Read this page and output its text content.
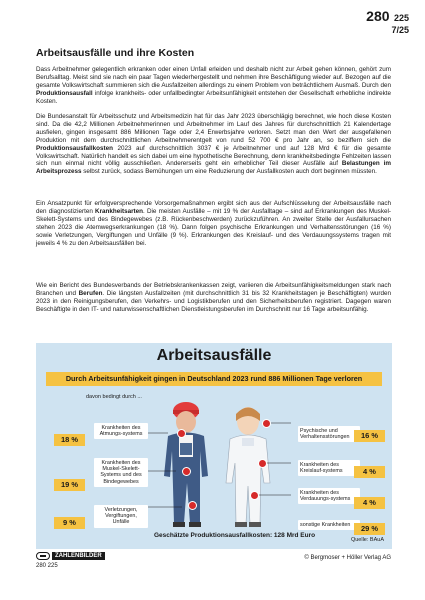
280 225
7/25
Arbeitsausfälle und ihre Kosten

Dass Arbeitnehmer gelegentlich erkranken oder einen Unfall erleiden und deshalb nicht zur Arbeit gehen können, gehört zum Berufsalltag. Meist sind sie nach ein paar Tagen wiederhergestellt und nehmen ihre Beschäftigung wieder auf. Bezogen auf die gesamte Volkswirtschaft summieren sich die Ausfallzeiten allerdings zu einem Problem von beträchtlichem Ausmaß. Durch den Produktionsausfall infolge krankheits- oder unfallbedingter Arbeitsunfähigkeit entstehen der Gesellschaft erhebliche indirekte Kosten.

Die Bundesanstalt für Arbeitsschutz und Arbeitsmedizin hat für das Jahr 2023 überschlägig berechnet, wie hoch diese Kosten sind. Da die 42,2 Millionen Arbeitnehmerinnen und Arbeitnehmer im Lauf des Jahres für durchschnittlich 21 Kalendertage ausfielen, gingen insgesamt 886 Millionen Tage oder 2,4 Erwerbsjahre verloren. Setzt man den Wert der ausgefallenen Produktion mit dem durchschnittlichen Arbeitnehmerentgelt von rund 52 700 € pro Jahr an, so beziffern sich die Produktionsausfallkosten 2023 auf durchschnittlich 3037 € je Arbeitnehmer und auf 128 Mrd € für die gesamte Volkswirtschaft. Natürlich handelt es sich dabei um eine hypothetische Berechnung, denn krankheitsbedingte Fehlzeiten lassen sich nun einmal nicht völlig ausschließen. Andererseits geht ein erheblicher Teil dieser Ausfälle auf Belastungen im Arbeitsprozess selbst zurück, sodass Bemühungen um eine Reduzierung der Ausfallkosten auch dort beginnen müssten.

Ein Ansatzpunkt für erfolgversprechende Vorsorgemaßnahmen ergibt sich aus der Aufschlüsselung der Arbeitsausfälle nach den diagnostizierten Krankheitsarten. Die meisten Ausfälle – mit 19 % der Ausfalltage – sind auf Erkrankungen des Muskel-Skelett-Systems und des Bindegewebes (z.B. Rückenbeschwerden) zurückzuführen. An zweiter Stelle der Ausfallursachen stehen 2023 die Atemwegserkrankungen (18 %). Dann folgen psychische Erkrankungen und Verhaltensstörungen (16 %) sowie Verletzungen, Vergiftungen und Unfälle (9 %). Erkrankungen des Kreislauf- und des Verdauungssystems tragen mit jeweils 4 % zu den Arbeitsausfällen bei.

Wie ein Bericht des Bundesverbands der Betriebskrankenkassen zeigt, variieren die Arbeitsunfähigkeitsmeldungen stark nach Branchen und Berufen. Die längsten Ausfallzeiten (mit durchschnittlich 31 bis 32 Krankheitstagen je Beschäftigten) wurden 2023 in den Reinigungsberufen, den Verkehrs- und Logistikberufen und den Sicherheitsberufen registriert. Dagegen waren Beschäftigte in den IT- und naturwissenschaftlichen Dienstleistungsberufen im Durchschnitt nur 16 Tage arbeitsunfähig.

Arbeitsausfälle
Durch Arbeitsunfähigkeit gingen in Deutschland 2023 rund 886 Millionen Tage verloren
davon bedingt durch ...
18 %
Krankheiten des Atmungs-systems
19 %
Krankheiten des Muskel-Skelett-Systems und des Bindegewebes
9 %
Verletzungen, Vergiftungen, Unfälle
Psychische und Verhaltensstörungen	16 %
Krankheiten des Kreislauf-systems	4 %
Krankheiten des Verdauungs-systems	4 %
sonstige Krankheiten	29 %
Geschätzte Produktionsausfallkosten: 128 Mrd Euro
Quelle: BAuA
ZAHLENBILDER
280 225
© Bergmoser + Höller Verlag AG
